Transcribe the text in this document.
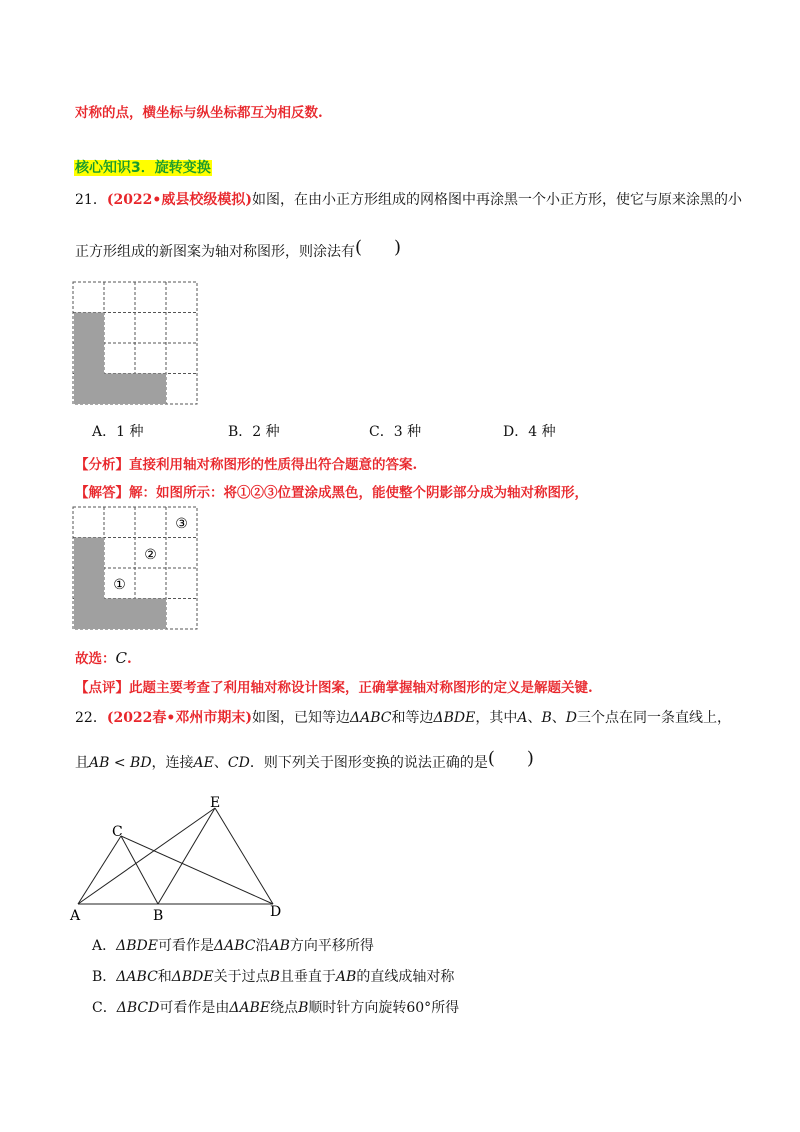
对称的点，横坐标与纵坐标都互为相反数.
核心知识3．旋转变换
21．(2022•威县校级模拟)如图，在由小正方形组成的网格图中再涂黑一个小正方形，使它与原来涂黑的小
正方形组成的新图案为轴对称图形，则涂法有( )
A．1 种	B．2 种	C．3 种	D．4 种
【分析】直接利用轴对称图形的性质得出符合题意的答案.
【解答】解：如图所示：将①②③位置涂成黑色，能使整个阴影部分成为轴对称图形，
①
②
③
故选：C.
【点评】此题主要考查了利用轴对称设计图案，正确掌握轴对称图形的定义是解题关键.
22．(2022春•邓州市期末)如图，已知等边ΔABC和等边ΔBDE，其中A、B、D三个点在同一条直线上，
且AB < BD，连接AE、CD．则下列关于图形变换的说法正确的是( )
C
E
A	B	D
A．ΔBDE可看作是ΔABC沿AB方向平移所得
B．ΔABC和ΔBDE关于过点B且垂直于AB的直线成轴对称
C．ΔBCD可看作是由ΔABE绕点B顺时针方向旋转60°所得
